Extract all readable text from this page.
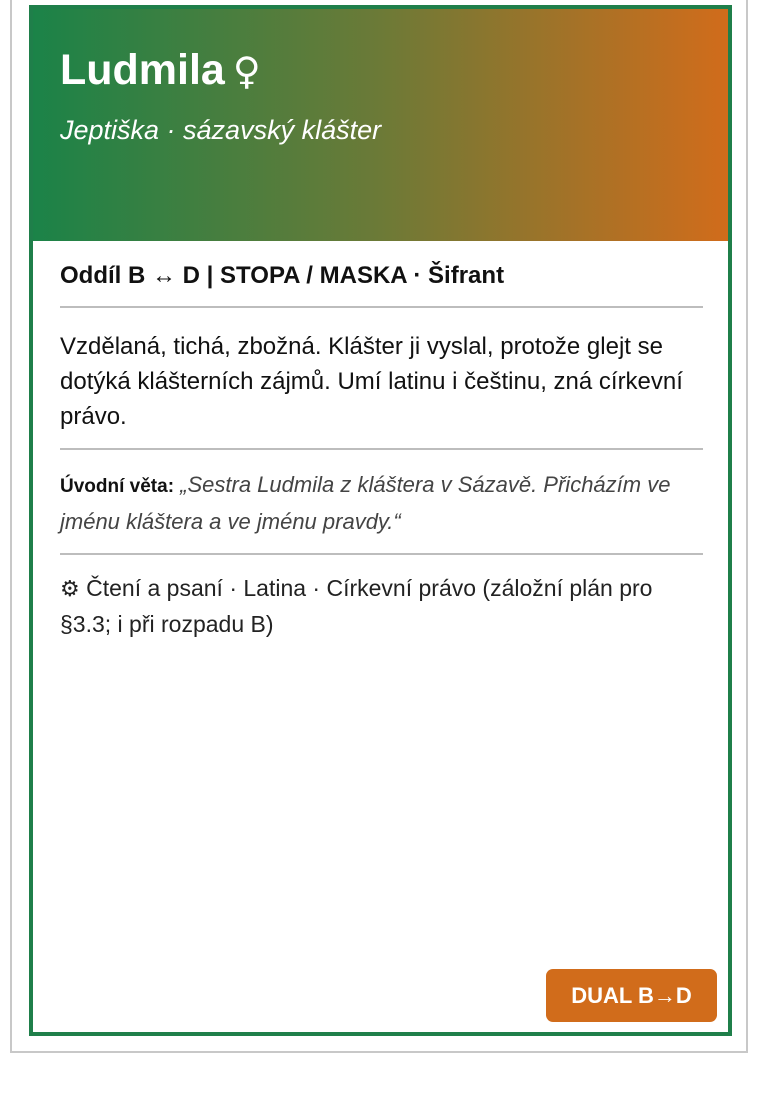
Ludmila ♀
Jeptiška · sázavský klášter
Oddíl B ↔ D | STOPA / MASKA · Šifrant
Vzdělaná, tichá, zbožná. Klášter ji vyslal, protože glejt se dotýká klášterních zájmů. Umí latinu i češtinu, zná církevní právo.
Úvodní věta: „Sestra Ludmila z kláštera v Sázavě. Přicházím ve jménu kláštera a ve jménu pravdy.“
⚙ Čtení a psaní · Latina · Církevní právo (záložní plán pro §3.3; i při rozpadu B)
DUAL B→D
